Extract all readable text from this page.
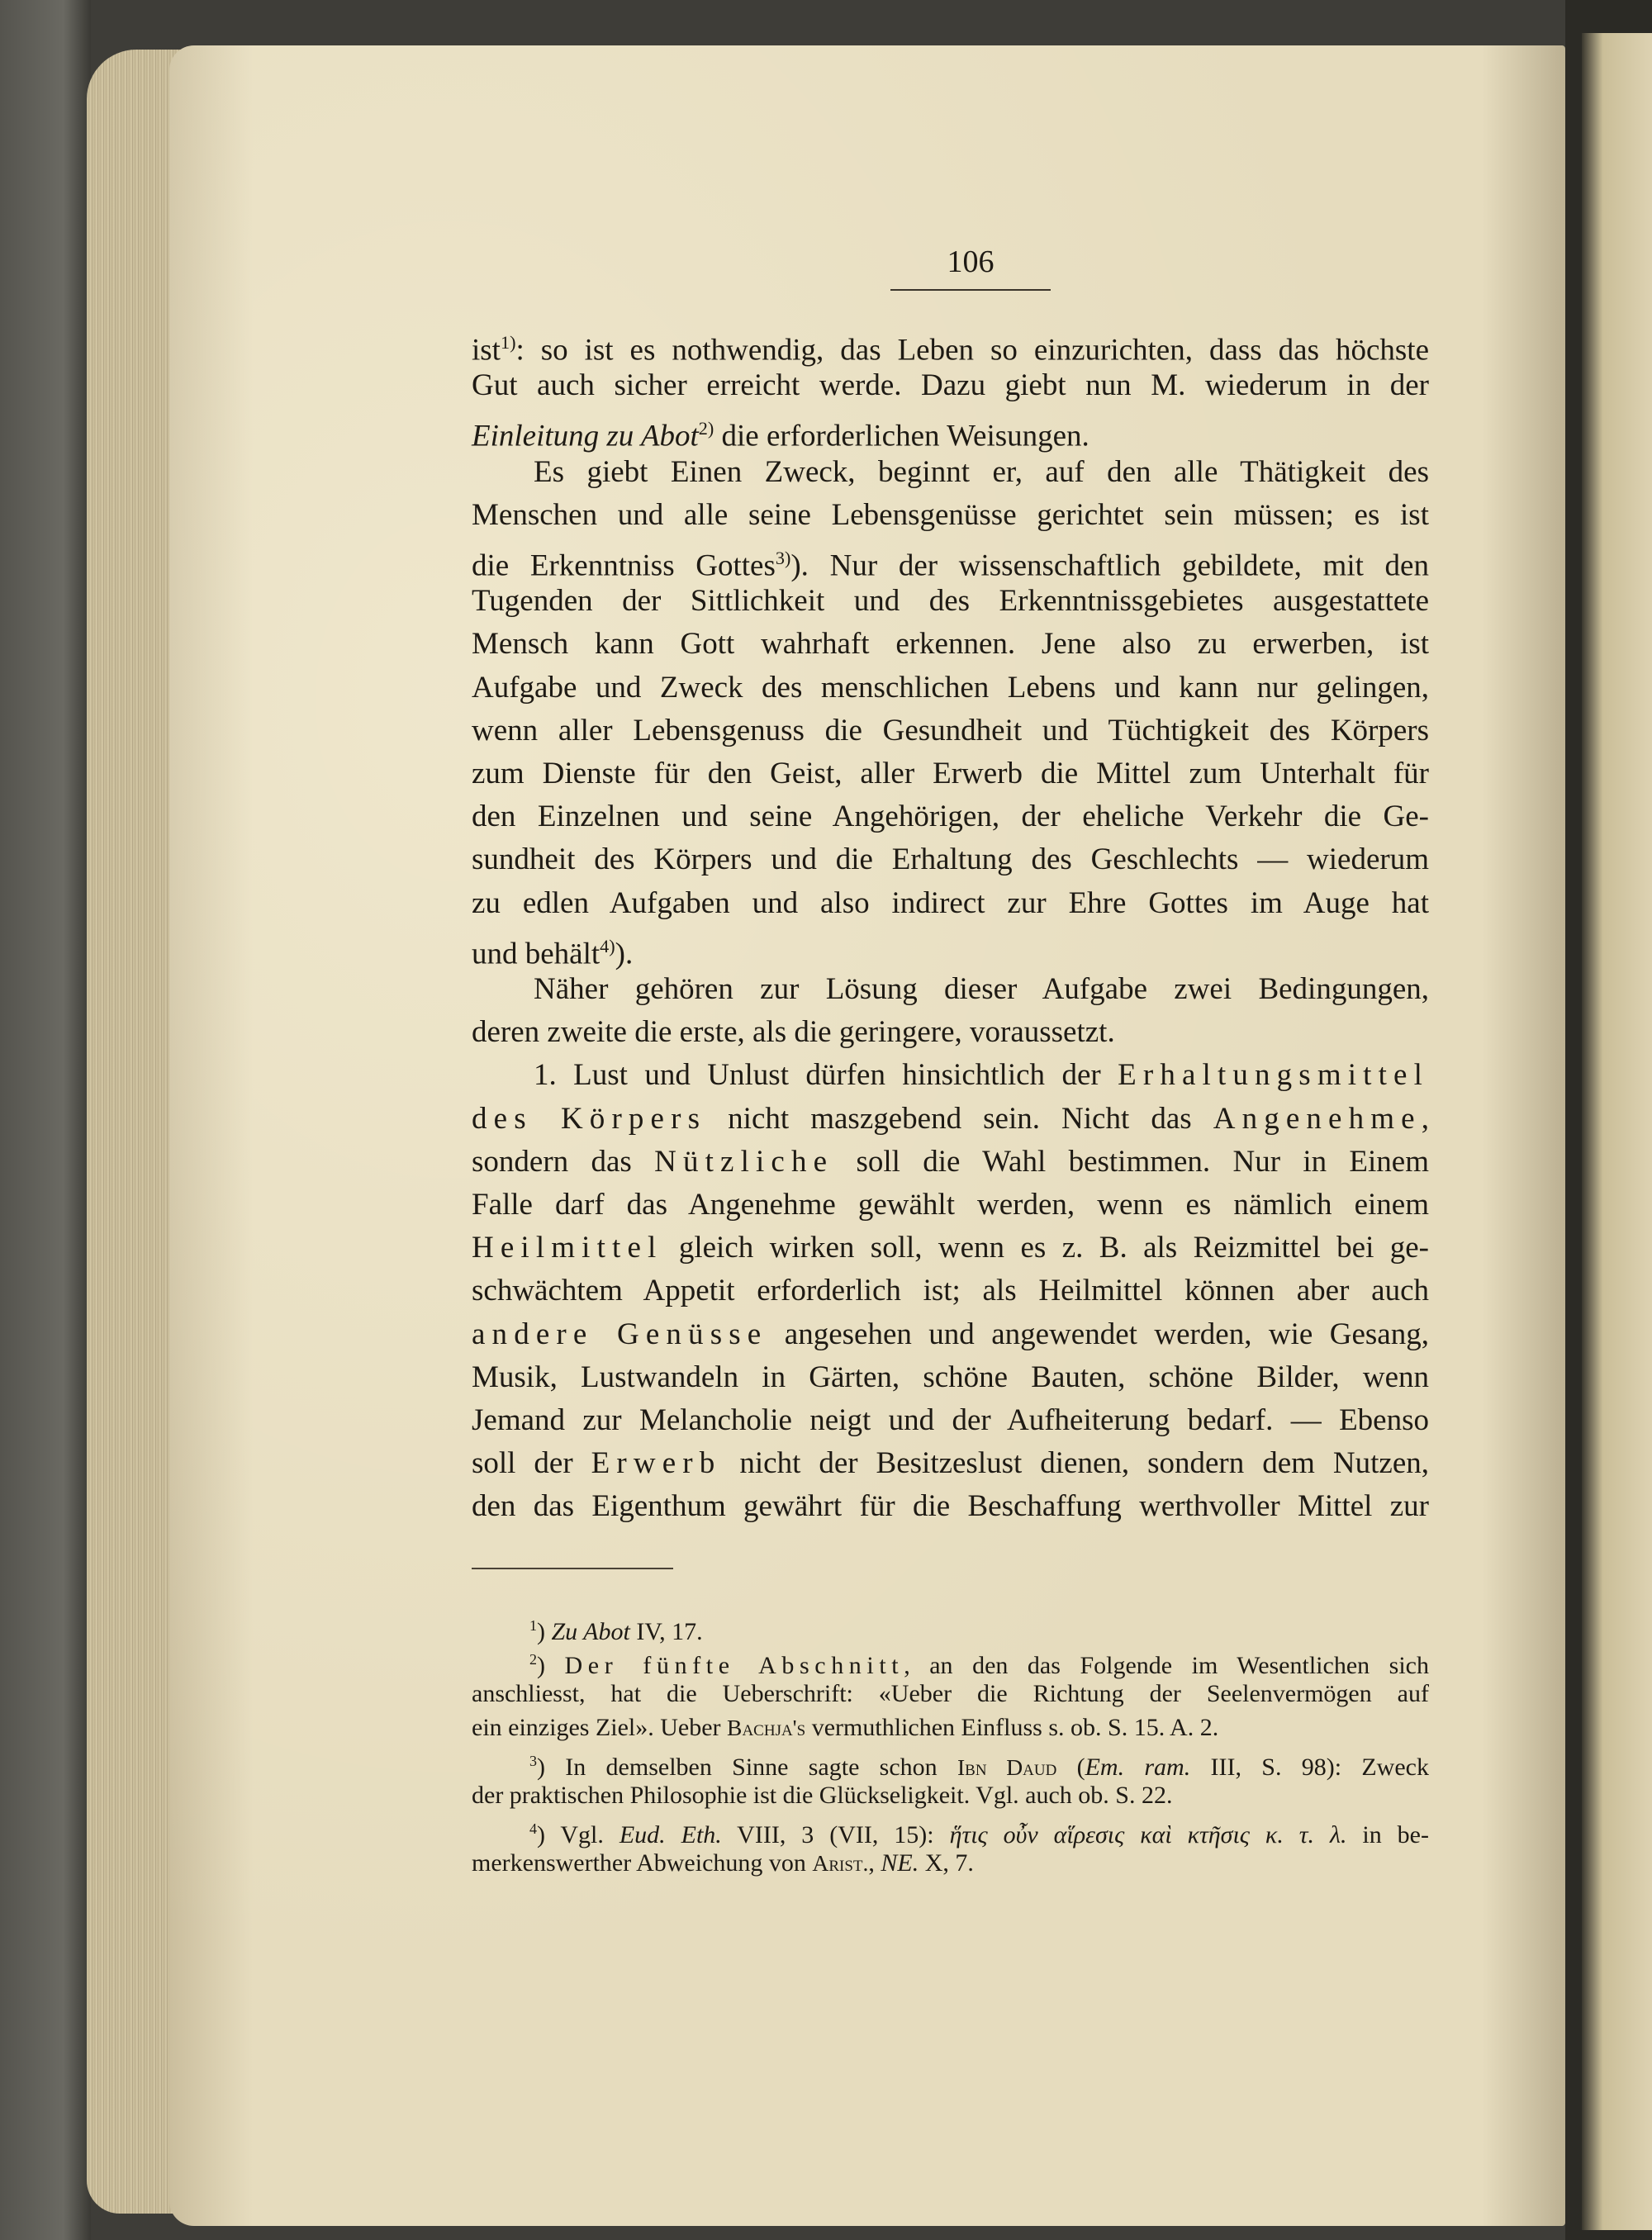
106
ist$^{1)}$: so ist es nothwendig, das Leben so einzurichten, dass das höchste
Gut auch sicher erreicht werde. Dazu giebt nun M. wiederum in der
Einleitung zu Abot$^{2)}$ die erforderlichen Weisungen.
Es giebt Einen Zweck, beginnt er, auf den alle Thätigkeit des
Menschen und alle seine Lebensgenüsse gerichtet sein müssen; es ist
die Erkenntniss Gottes$^{3)}$). Nur der wissenschaftlich gebildete, mit den
Tugenden der Sittlichkeit und des Erkenntnissgebietes ausgestattete
Mensch kann Gott wahrhaft erkennen. Jene also zu erwerben, ist
Aufgabe und Zweck des menschlichen Lebens und kann nur gelingen,
wenn aller Lebensgenuss die Gesundheit und Tüchtigkeit des Körpers
zum Dienste für den Geist, aller Erwerb die Mittel zum Unterhalt für
den Einzelnen und seine Angehörigen, der eheliche Verkehr die Ge-
sundheit des Körpers und die Erhaltung des Geschlechts — wiederum
zu edlen Aufgaben und also indirect zur Ehre Gottes im Auge hat
und behält$^{4)}$).
Näher gehören zur Lösung dieser Aufgabe zwei Bedingungen,
deren zweite die erste, als die geringere, voraussetzt.
1. Lust und Unlust dürfen hinsichtlich der Erhaltungsmittel
des Körpers nicht maszgebend sein. Nicht das Angenehme,
sondern das Nützliche soll die Wahl bestimmen. Nur in Einem
Falle darf das Angenehme gewählt werden, wenn es nämlich einem
Heilmittel gleich wirken soll, wenn es z. B. als Reizmittel bei ge-
schwächtem Appetit erforderlich ist; als Heilmittel können aber auch
andere Genüsse angesehen und angewendet werden, wie Gesang,
Musik, Lustwandeln in Gärten, schöne Bauten, schöne Bilder, wenn
Jemand zur Melancholie neigt und der Aufheiterung bedarf. — Ebenso
soll der Erwerb nicht der Besitzeslust dienen, sondern dem Nutzen,
den das Eigenthum gewährt für die Beschaffung werthvoller Mittel zur
$^1$) Zu Abot IV, 17.
$^2$) Der fünfte Abschnitt, an den das Folgende im Wesentlichen sich
anschliesst, hat die Ueberschrift: «Ueber die Richtung der Seelenvermögen auf
ein einziges Ziel». Ueber Bachja's vermuthlichen Einfluss s. ob. S. 15. A. 2.
$^3$) In demselben Sinne sagte schon Ibn Daud (Em. ram. III, S. 98): Zweck
der praktischen Philosophie ist die Glückseligkeit. Vgl. auch ob. S. 22.
$^4$) Vgl. Eud. Eth. VIII, 3 (VII, 15): ἥτις οὖν αἵρεσις καὶ κτῆσις κ. τ. λ. in be-
merkenswerther Abweichung von Arist., NE. X, 7.
